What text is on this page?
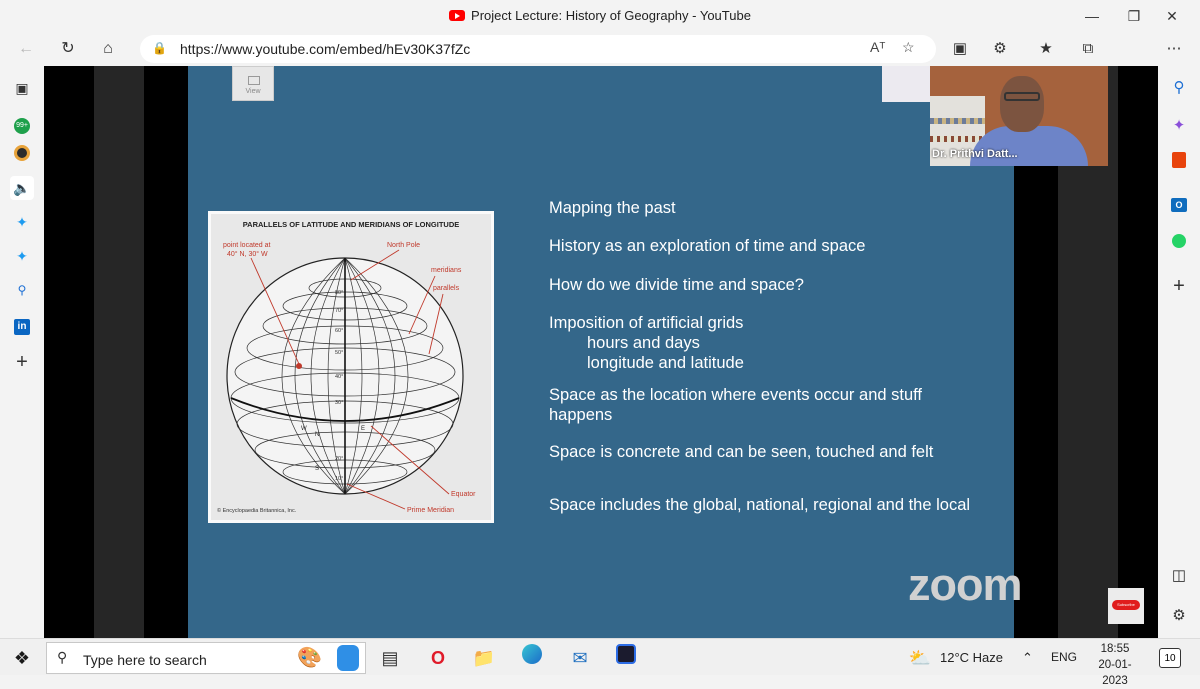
Project Lecture: History of Geography - YouTube	—	❐	✕
←	↻	⌂	🔒 https://www.youtube.com/embed/hEv30K37fZc	Aᵀ ☆	▣	⚙	★	⧉	⋯
▣
99+
🔈
✦
✦
⚲
in
+
View
PARALLELS OF LATITUDE AND MERIDIANS OF LONGITUDE
point located at
40° N, 30° W
North Pole
meridians
parallels
Equator
Prime Meridian
80°
70°
60°
50°
40°
30°
20°
10°
N
S
E
W
© Encyclopaedia Britannica, Inc.
Mapping the past
History as an exploration of time and space
How do we divide time and space?
Imposition of artificial grids
hours and days
longitude and latitude
Space as the location where events occur and stuff
happens
Space is concrete and can be seen, touched and felt
Space includes the global, national, regional and the local
zoom
Dr. Prithvi Datt...
Subscribe
⚲
✦
O
+
◫
⚙
❖	⚲ Type here to search	🎨	▤	O	📁	✉	⛅ 12°C Haze ⌃ ENG
18:55
20-01-2023
10
